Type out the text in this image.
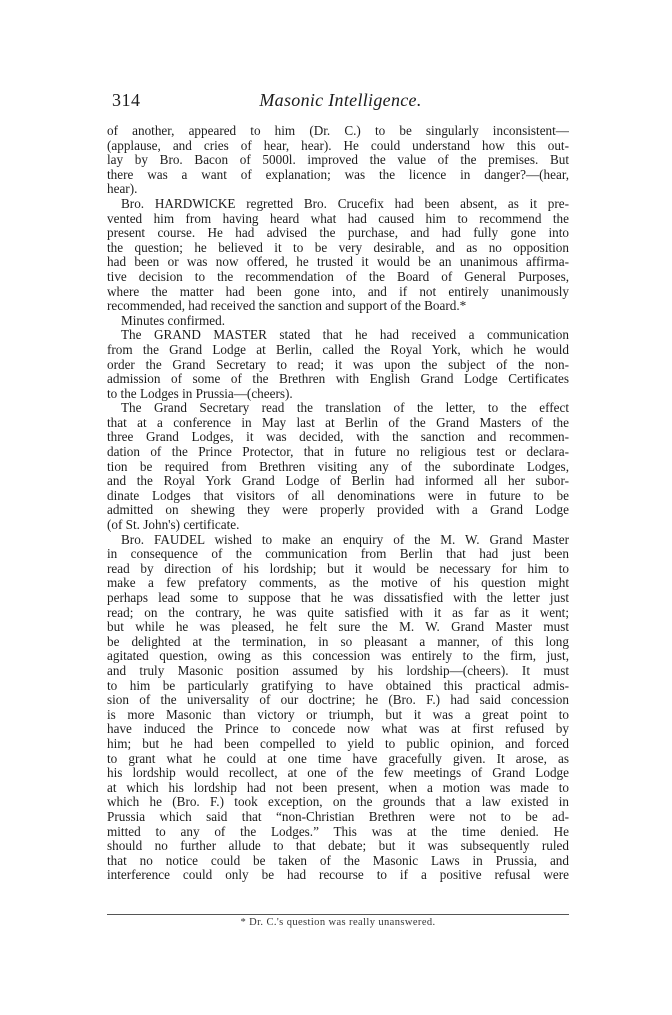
314	Masonic Intelligence.
of another, appeared to him (Dr. C.) to be singularly inconsistent—
(applause, and cries of hear, hear). He could understand how this out-
lay by Bro. Bacon of 5000l. improved the value of the premises. But
there was a want of explanation; was the licence in danger?—(hear,
hear).
Bro. HARDWICKE regretted Bro. Crucefix had been absent, as it pre-
vented him from having heard what had caused him to recommend the
present course. He had advised the purchase, and had fully gone into
the question; he believed it to be very desirable, and as no opposition
had been or was now offered, he trusted it would be an unanimous affirma-
tive decision to the recommendation of the Board of General Purposes,
where the matter had been gone into, and if not entirely unanimously
recommended, had received the sanction and support of the Board.*
Minutes confirmed.
The GRAND MASTER stated that he had received a communication
from the Grand Lodge at Berlin, called the Royal York, which he would
order the Grand Secretary to read; it was upon the subject of the non-
admission of some of the Brethren with English Grand Lodge Certificates
to the Lodges in Prussia—(cheers).
The Grand Secretary read the translation of the letter, to the effect
that at a conference in May last at Berlin of the Grand Masters of the
three Grand Lodges, it was decided, with the sanction and recommen-
dation of the Prince Protector, that in future no religious test or declara-
tion be required from Brethren visiting any of the subordinate Lodges,
and the Royal York Grand Lodge of Berlin had informed all her subor-
dinate Lodges that visitors of all denominations were in future to be
admitted on shewing they were properly provided with a Grand Lodge
(of St. John's) certificate.
Bro. FAUDEL wished to make an enquiry of the M. W. Grand Master
in consequence of the communication from Berlin that had just been
read by direction of his lordship; but it would be necessary for him to
make a few prefatory comments, as the motive of his question might
perhaps lead some to suppose that he was dissatisfied with the letter just
read; on the contrary, he was quite satisfied with it as far as it went;
but while he was pleased, he felt sure the M. W. Grand Master must
be delighted at the termination, in so pleasant a manner, of this long
agitated question, owing as this concession was entirely to the firm, just,
and truly Masonic position assumed by his lordship—(cheers). It must
to him be particularly gratifying to have obtained this practical admis-
sion of the universality of our doctrine; he (Bro. F.) had said concession
is more Masonic than victory or triumph, but it was a great point to
have induced the Prince to concede now what was at first refused by
him; but he had been compelled to yield to public opinion, and forced
to grant what he could at one time have gracefully given. It arose, as
his lordship would recollect, at one of the few meetings of Grand Lodge
at which his lordship had not been present, when a motion was made to
which he (Bro. F.) took exception, on the grounds that a law existed in
Prussia which said that “non-Christian Brethren were not to be ad-
mitted to any of the Lodges.” This was at the time denied. He
should no further allude to that debate; but it was subsequently ruled
that no notice could be taken of the Masonic Laws in Prussia, and
interference could only be had recourse to if a positive refusal were
* Dr. C.'s question was really unanswered.
